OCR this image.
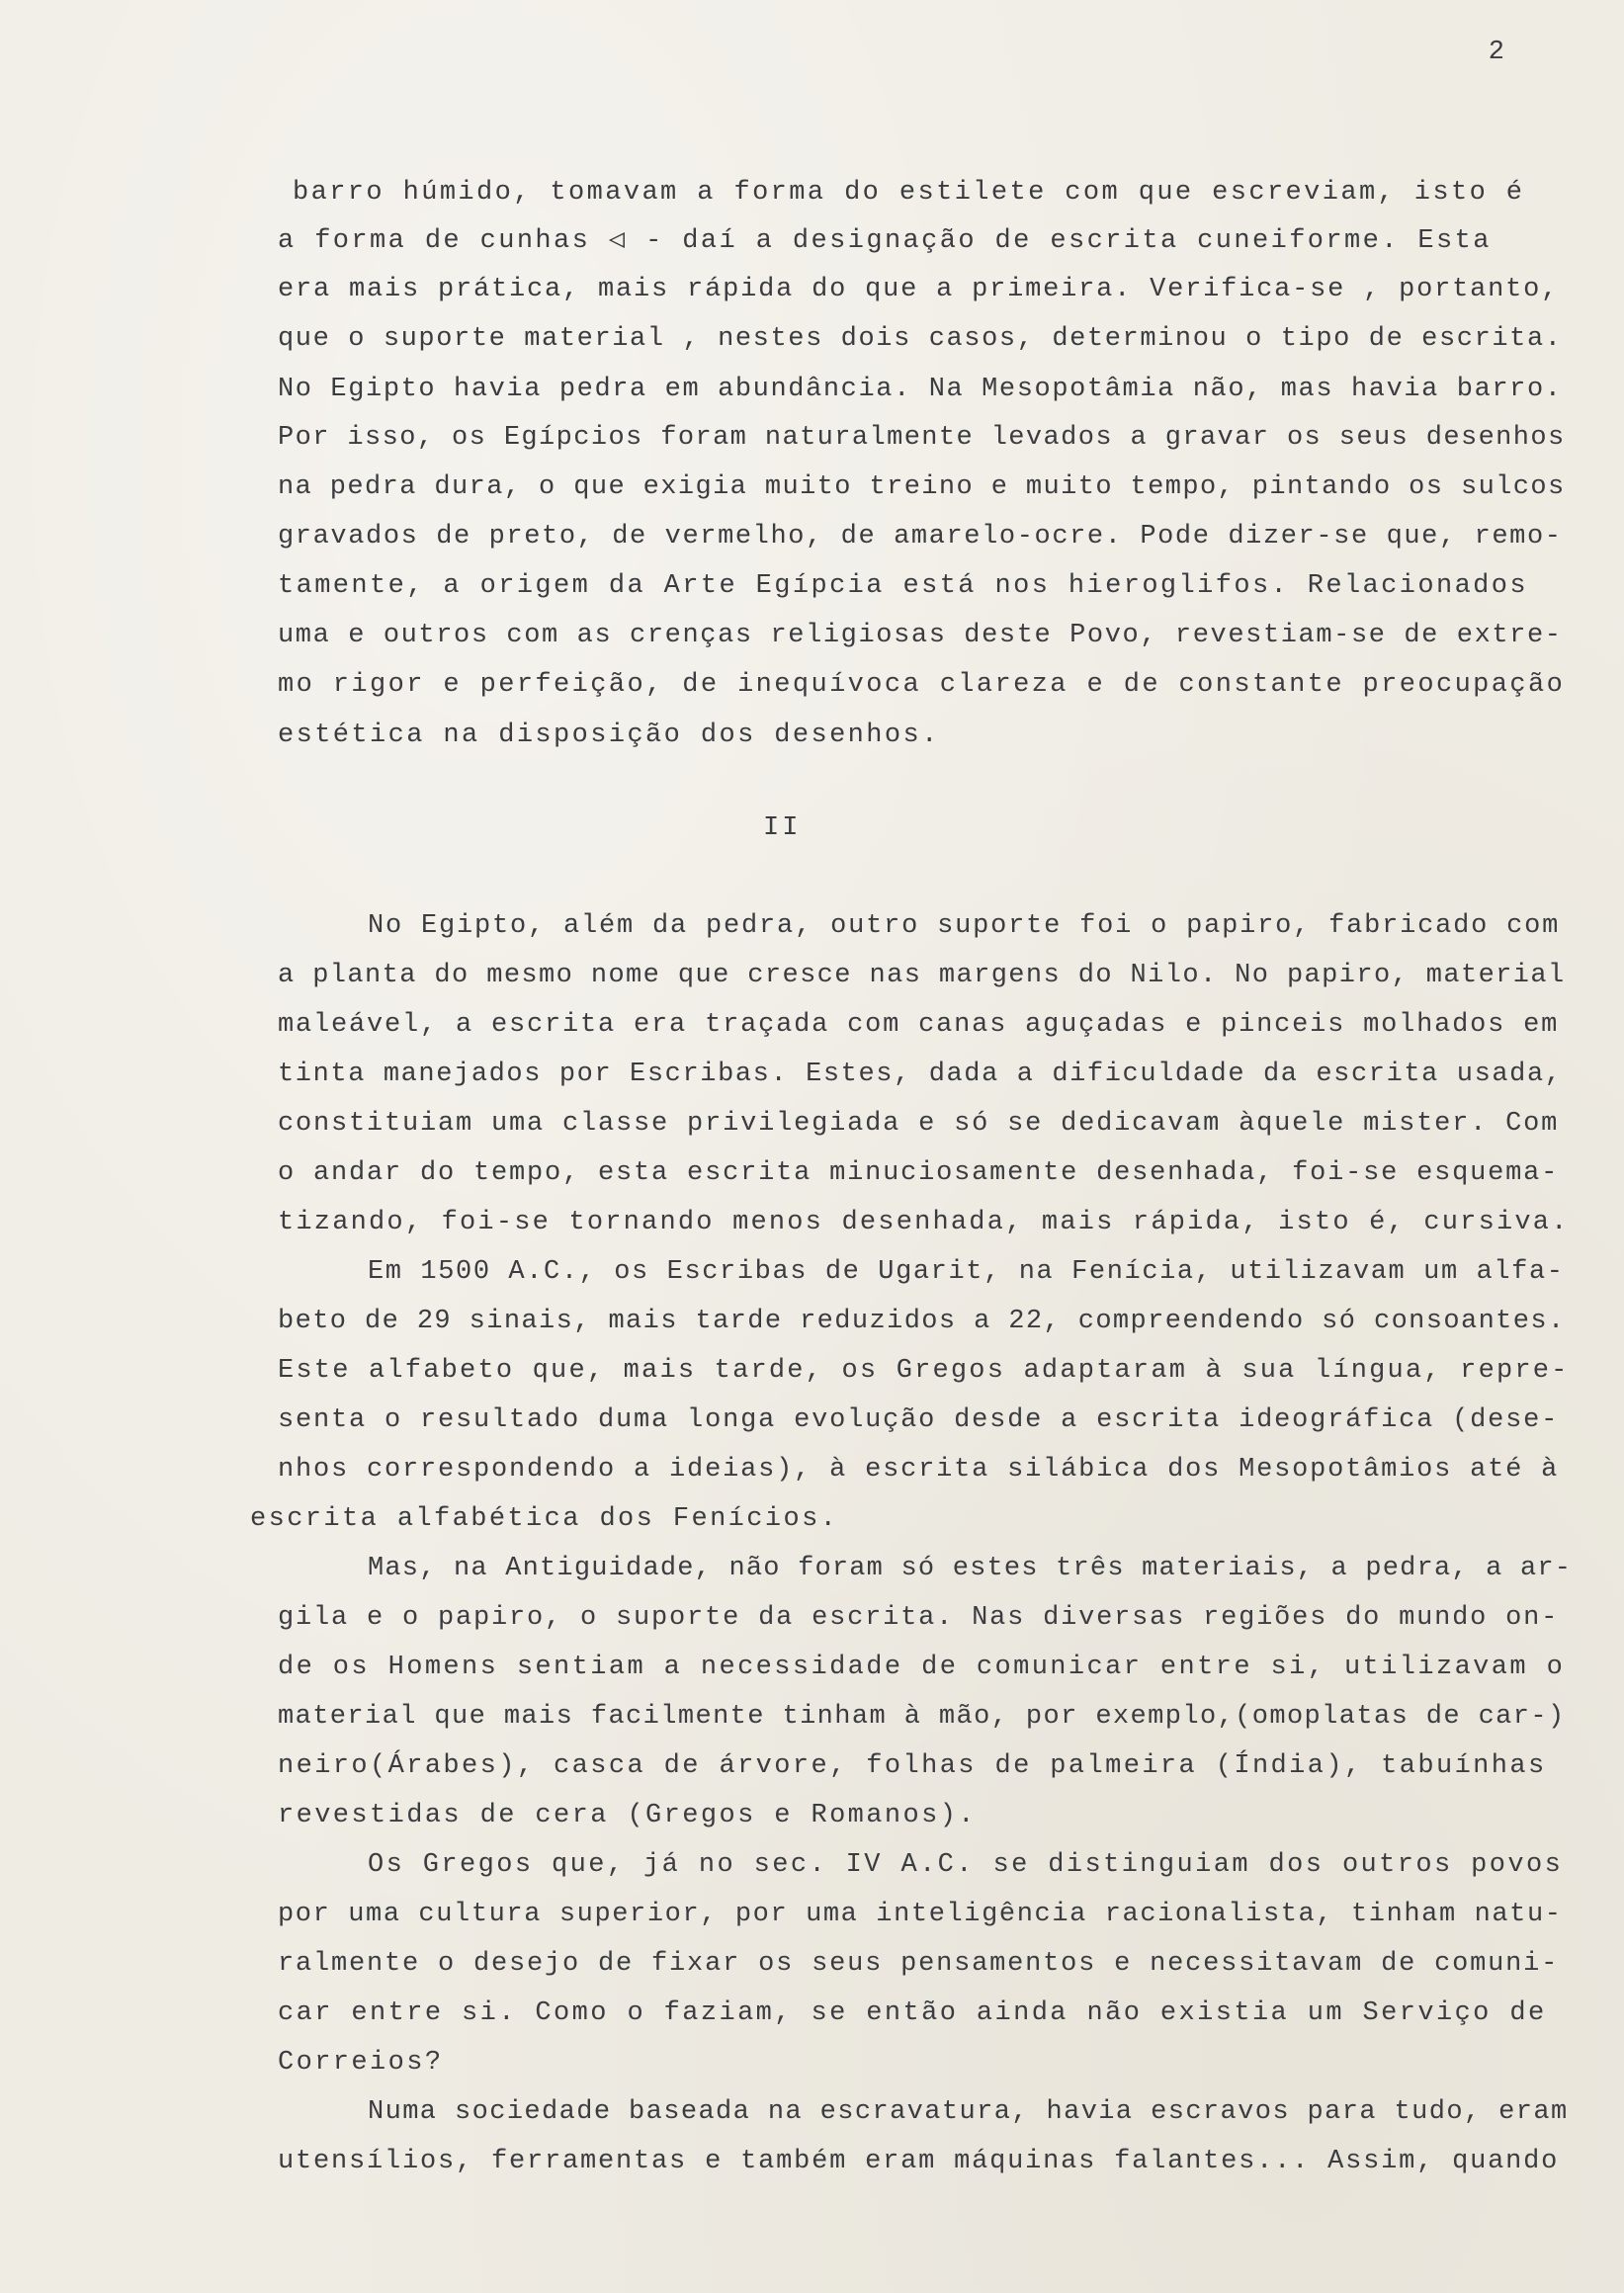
2
barro húmido, tomavam a forma do estilete com que escreviam, isto é
a forma de cunhas ◁ - daí a designação de escrita cuneiforme. Esta
era mais prática, mais rápida do que a primeira. Verifica-se , portanto,
que o suporte material , nestes dois casos, determinou o tipo de escrita.
No Egipto havia pedra em abundância. Na Mesopotâmia não, mas havia barro.
Por isso, os Egípcios foram naturalmente levados a gravar os seus desenhos
na pedra dura, o que exigia muito treino e muito tempo, pintando os sulcos
gravados de preto, de vermelho, de amarelo-ocre. Pode dizer-se que, remo-
tamente, a origem da Arte Egípcia está nos hieroglifos. Relacionados
uma e outros com as crenças religiosas deste Povo, revestiam-se de extre-
mo rigor e perfeição, de inequívoca clareza e de constante preocupação
estética na disposição dos desenhos.
II
No Egipto, além da pedra, outro suporte foi o papiro, fabricado com
a planta do mesmo nome que cresce nas margens do Nilo. No papiro, material
maleável, a escrita era traçada com canas aguçadas e pinceis molhados em
tinta manejados por Escribas. Estes, dada a dificuldade da escrita usada,
constituiam uma classe privilegiada e só se dedicavam àquele mister. Com
o andar do tempo, esta escrita minuciosamente desenhada, foi-se esquema-
tizando, foi-se tornando menos desenhada, mais rápida, isto é, cursiva.
Em 1500 A.C., os Escribas de Ugarit, na Fenícia, utilizavam um alfa-
beto de 29 sinais, mais tarde reduzidos a 22, compreendendo só consoantes.
Este alfabeto que, mais tarde, os Gregos adaptaram à sua língua, repre-
senta o resultado duma longa evolução desde a escrita ideográfica (dese-
nhos correspondendo a ideias), à escrita silábica dos Mesopotâmios até à
escrita alfabética dos Fenícios.
Mas, na Antiguidade, não foram só estes três materiais, a pedra, a ar-
gila e o papiro, o suporte da escrita. Nas diversas regiões do mundo on-
de os Homens sentiam a necessidade de comunicar entre si, utilizavam o
material que mais facilmente tinham à mão, por exemplo,(omoplatas de car-)
neiro(Árabes), casca de árvore, folhas de palmeira (Índia), tabuínhas
revestidas de cera (Gregos e Romanos).
Os Gregos que, já no sec. IV A.C. se distinguiam dos outros povos
por uma cultura superior, por uma inteligência racionalista, tinham natu-
ralmente o desejo de fixar os seus pensamentos e necessitavam de comuni-
car entre si. Como o faziam, se então ainda não existia um Serviço de
Correios?
Numa sociedade baseada na escravatura, havia escravos para tudo, eram
utensílios, ferramentas e também eram máquinas falantes... Assim, quando
